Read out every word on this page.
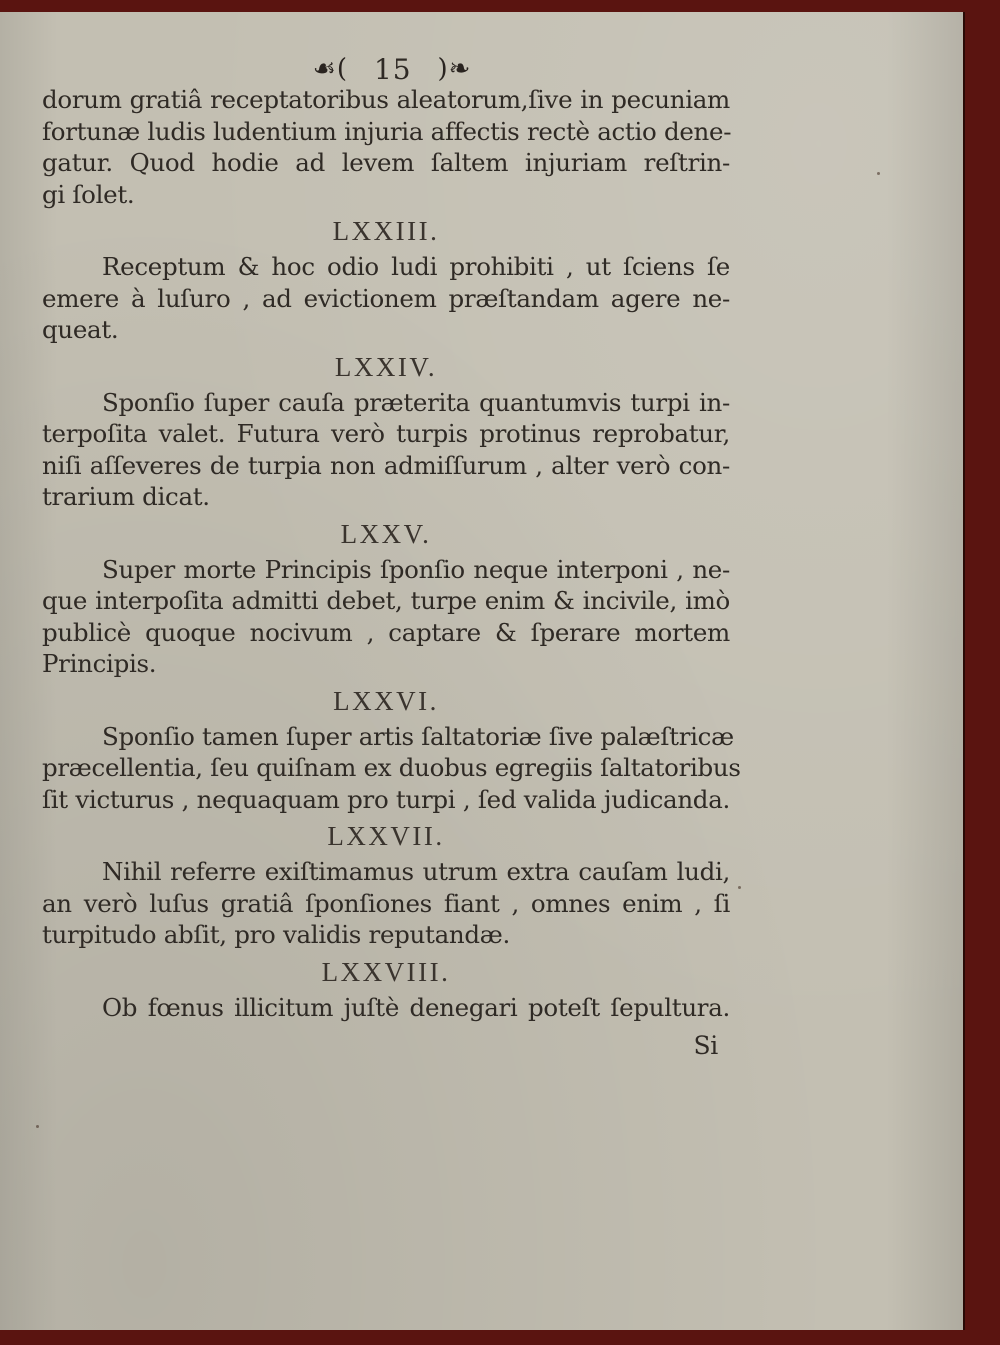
☙( 15 )❧
dorum gratiâ receptatoribus aleatorum,ſive in pecuniam
fortunæ ludis ludentium injuria affectis rectè actio dene-
gatur. Quod hodie ad levem ſaltem injuriam reſtrin-
gi ſolet.
LXXIII.
Receptum & hoc odio ludi prohibiti , ut ſciens ſe
emere à luſuro , ad evictionem præſtandam agere ne-
queat.
LXXIV.
Sponſio ſuper cauſa præterita quantumvis turpi in-
terpoſita valet. Futura verò turpis protinus reprobatur,
niſi aſſeveres de turpia non admiſſurum , alter verò con-
trarium dicat.
LXXV.
Super morte Principis ſponſio neque interponi , ne-
que interpoſita admitti debet, turpe enim & incivile, imò
publicè quoque nocivum , captare & ſperare mortem
Principis.
LXXVI.
Sponſio tamen ſuper artis ſaltatoriæ ſive palæſtricæ
præcellentia, ſeu quiſnam ex duobus egregiis ſaltatoribus
ſit victurus , nequaquam pro turpi , ſed valida judicanda.
LXXVII.
Nihil referre exiſtimamus utrum extra cauſam ludi,
an verò luſus gratiâ ſponſiones fiant , omnes enim , ſi
turpitudo abſit, pro validis reputandæ.
LXXVIII.
Ob fœnus illicitum juſtè denegari poteſt ſepultura.
Si
